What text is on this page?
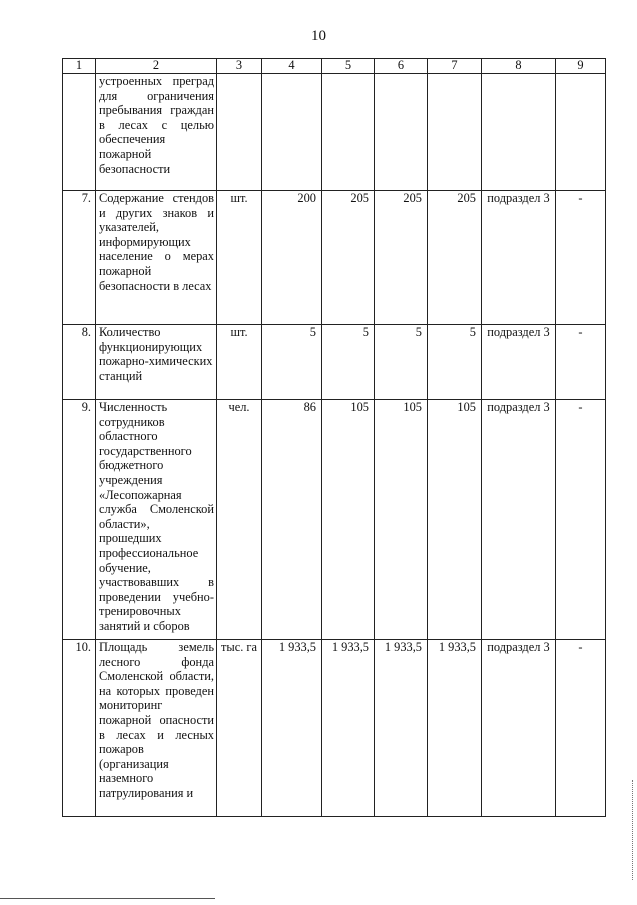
10
1	2	3	4	5	6	7	8	9
	устроенных преград для ограничения пребывания граждан в лесах с целью обеспечения пожарной безопасности							
7.	Содержание стендов и других знаков и указателей, информирующих население о мерах пожарной безопасности в лесах	шт.	200	205	205	205	подраздел 3	-
8.	Количество функционирующих пожарно-химических станций	шт.	5	5	5	5	подраздел 3	-
9.	Численность сотрудников областного государственного бюджетного учреждения «Лесопожарная служба Смоленской области», прошедших профессиональное обучение, участвовавших в проведении учебно-тренировочных занятий и сборов	чел.	86	105	105	105	подраздел 3	-
10.	Площадь земель лесного фонда Смоленской области, на которых проведен мониторинг пожарной опасности в лесах и лесных пожаров (организация наземного патрулирования и	тыс. га	1 933,5	1 933,5	1 933,5	1 933,5	подраздел 3	-
